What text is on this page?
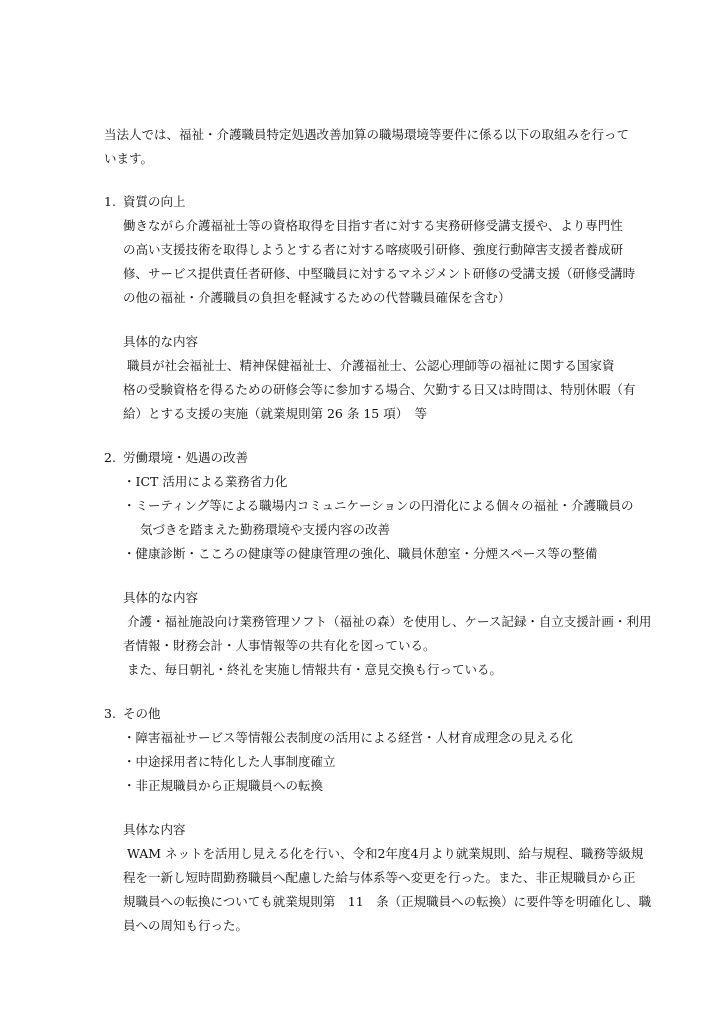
当法人では、福祉・介護職員特定処遇改善加算の職場環境等要件に係る以下の取組みを行って
います。
1. 資質の向上
働きながら介護福祉士等の資格取得を目指す者に対する実務研修受講支援や、より専門性
の高い支援技術を取得しようとする者に対する喀痰吸引研修、強度行動障害支援者養成研
修、サービス提供責任者研修、中堅職員に対するマネジメント研修の受講支援（研修受講時
の他の福祉・介護職員の負担を軽減するための代替職員確保を含む）
具体的な内容
職員が社会福祉士、精神保健福祉士、介護福祉士、公認心理師等の福祉に関する国家資
格の受験資格を得るための研修会等に参加する場合、欠勤する日又は時間は、特別休暇（有
給）とする支援の実施（就業規則第 26 条 15 項）　等
2. 労働環境・処遇の改善
・ICT 活用による業務省力化
・ミーティング等による職場内コミュニケーションの円滑化による個々の福祉・介護職員の
気づきを踏まえた勤務環境や支援内容の改善
・健康診断・こころの健康等の健康管理の強化、職員休憩室・分煙スペース等の整備
具体的な内容
介護・福祉施設向け業務管理ソフト（福祉の森）を使用し、ケース記録・自立支援計画・利用
者情報・財務会計・人事情報等の共有化を図っている。
また、毎日朝礼・終礼を実施し情報共有・意見交換も行っている。
3. その他
・障害福祉サービス等情報公表制度の活用による経営・人材育成理念の見える化
・中途採用者に特化した人事制度確立
・非正規職員から正規職員への転換
具体な内容
WAM ネットを活用し見える化を行い、令和2年度4月より就業規則、給与規程、職務等級規
程を一新し短時間勤務職員へ配慮した給与体系等へ変更を行った。また、非正規職員から正
規職員への転換についても就業規則第　11　条（正規職員への転換）に要件等を明確化し、職
員への周知も行った。
